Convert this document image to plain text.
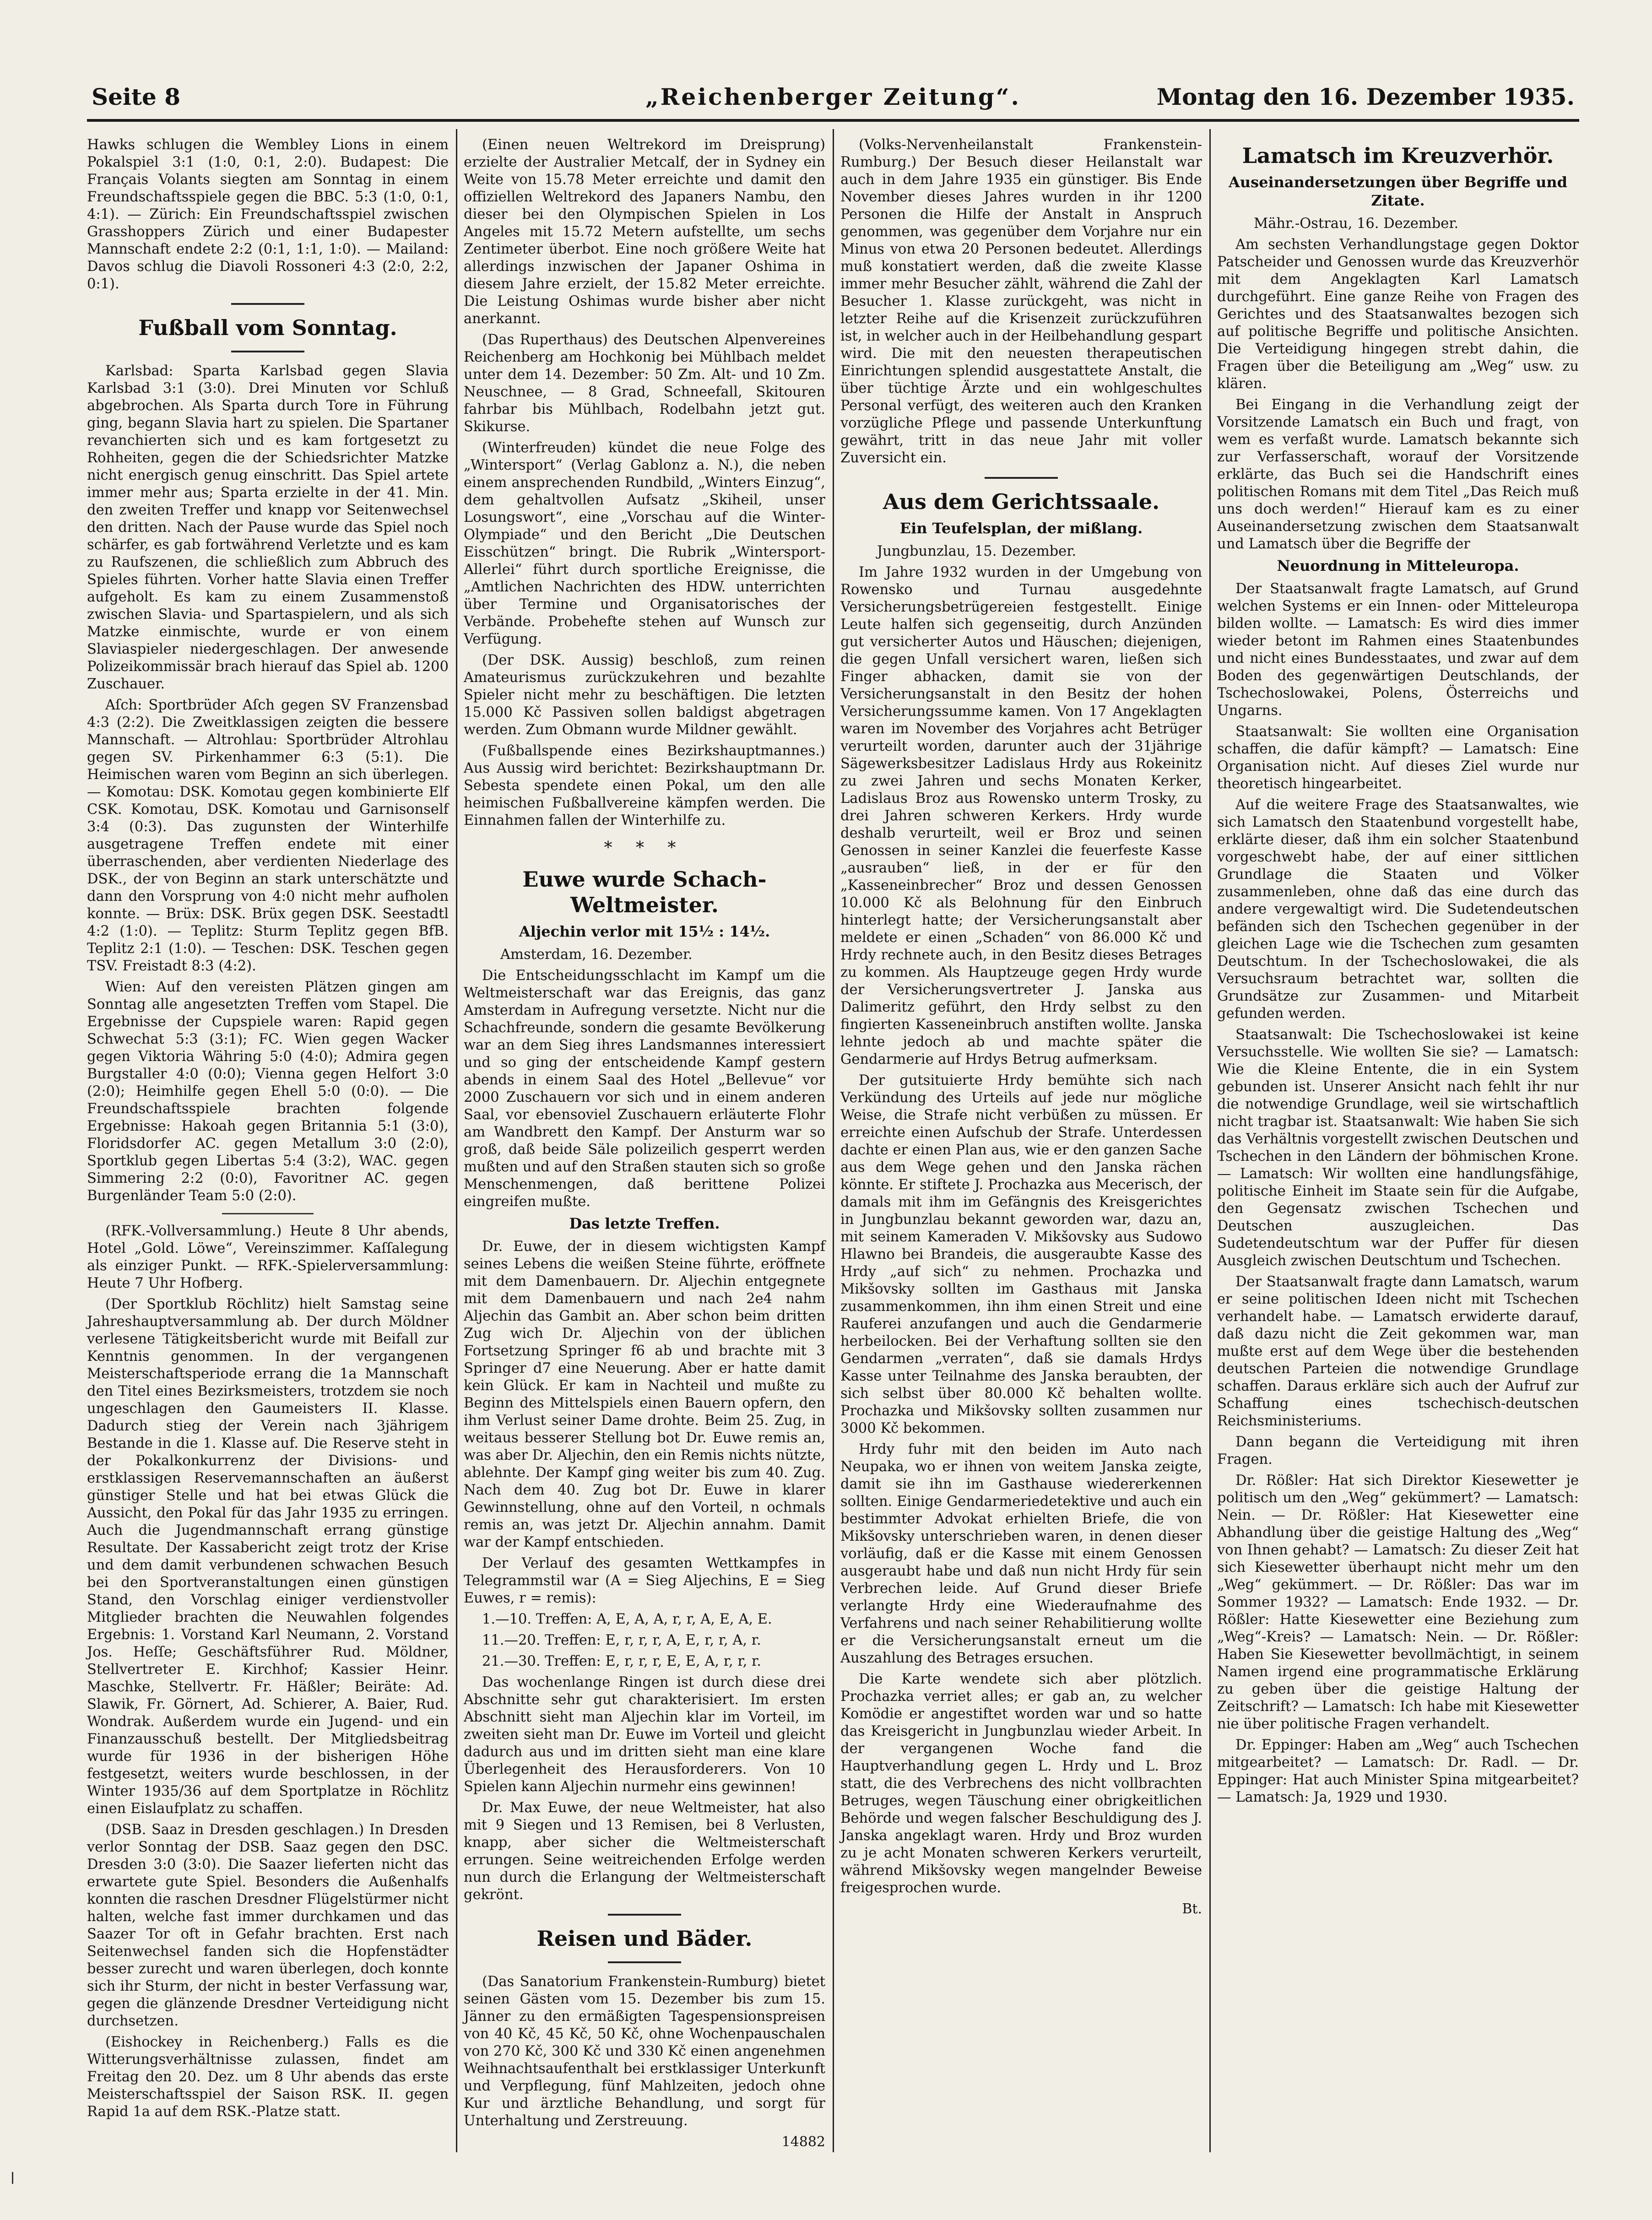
Seite 8	„Reichenberger Zeitung“.	Montag den 16. Dezember 1935.

Hawks schlugen die Wembley Lions in einem Pokalspiel 3:1 (1:0, 0:1, 2:0). Budapest: Die Français Volants siegten am Sonntag in einem Freundschaftsspiele gegen die BBC. 5:3 (1:0, 0:1, 4:1). — Zürich: Ein Freundschaftsspiel zwischen Grasshoppers Zürich und einer Budapester Mannschaft endete 2:2 (0:1, 1:1, 1:0). — Mailand: Davos schlug die Diavoli Rossoneri 4:3 (2:0, 2:2, 0:1).

Fußball vom Sonntag.

Karlsbad: Sparta Karlsbad gegen Slavia Karlsbad 3:1 (3:0). Drei Minuten vor Schluß abgebrochen. Als Sparta durch Tore in Führung ging, begann Slavia hart zu spielen. Die Spartaner revanchierten sich und es kam fortgesetzt zu Rohheiten, gegen die der Schiedsrichter Matzke nicht energisch genug einschritt. Das Spiel artete immer mehr aus; Sparta erzielte in der 41. Min. den zweiten Treffer und knapp vor Seitenwechsel den dritten. Nach der Pause wurde das Spiel noch schärfer, es gab fortwährend Verletzte und es kam zu Raufszenen, die schließlich zum Abbruch des Spieles führten. Vorher hatte Slavia einen Treffer aufgeholt. Es kam zu einem Zusammenstoß zwischen Slavia- und Spartaspielern, und als sich Matzke einmischte, wurde er von einem Slaviaspieler niedergeschlagen. Der anwesende Polizeikommissär brach hierauf das Spiel ab. 1200 Zuschauer.

Aſch: Sportbrüder Aſch gegen SV Franzensbad 4:3 (2:2). Die Zweitklassigen zeigten die bessere Mannschaft. — Altrohlau: Sportbrüder Altrohlau gegen SV. Pirkenhammer 6:3 (5:1). Die Heimischen waren vom Beginn an sich überlegen. — Komotau: DSK. Komotau gegen kombinierte Elf CSK. Komotau, DSK. Komotau und Garnisonself 3:4 (0:3). Das zugunsten der Winterhilfe ausgetragene Treffen endete mit einer überraschenden, aber verdienten Niederlage des DSK., der von Beginn an stark unterschätzte und dann den Vorsprung von 4:0 nicht mehr aufholen konnte. — Brüx: DSK. Brüx gegen DSK. Seestadtl 4:2 (1:0). — Teplitz: Sturm Teplitz gegen BfB. Teplitz 2:1 (1:0). — Teschen: DSK. Teschen gegen TSV. Freistadt 8:3 (4:2).

Wien: Auf den vereisten Plätzen gingen am Sonntag alle angesetzten Treffen vom Stapel. Die Ergebnisse der Cupspiele waren: Rapid gegen Schwechat 5:3 (3:1); FC. Wien gegen Wacker gegen Viktoria Währing 5:0 (4:0); Admira gegen Burgstaller 4:0 (0:0); Vienna gegen Helfort 3:0 (2:0); Heimhilfe gegen Ehell 5:0 (0:0). — Die Freundschaftsspiele brachten folgende Ergebnisse: Hakoah gegen Britannia 5:1 (3:0), Floridsdorfer AC. gegen Metallum 3:0 (2:0), Sportklub gegen Libertas 5:4 (3:2), WAC. gegen Simmering 2:2 (0:0), Favoritner AC. gegen Burgenländer Team 5:0 (2:0).

(RFK.-Vollversammlung.) Heute 8 Uhr abends, Hotel „Gold. Löwe“, Vereinszimmer. Kaſſalegung als einziger Punkt. — RFK.-Spielerversammlung: Heute 7 Uhr Hofberg.

(Der Sportklub Röchlitz) hielt Samstag seine Jahreshauptversammlung ab. Der durch Möldner verlesene Tätigkeitsbericht wurde mit Beifall zur Kenntnis genommen. In der vergangenen Meisterschaftsperiode errang die 1a Mannschaft den Titel eines Bezirksmeisters, trotzdem sie noch ungeschlagen den Gaumeisters II. Klasse. Dadurch stieg der Verein nach 3jährigem Bestande in die 1. Klasse auf. Die Reserve steht in der Pokalkonkurrenz der Divisions- und erstklassigen Reservemannschaften an äußerst günstiger Stelle und hat bei etwas Glück die Aussicht, den Pokal für das Jahr 1935 zu erringen. Auch die Jugendmannschaft errang günstige Resultate. Der Kassabericht zeigt trotz der Krise und dem damit verbundenen schwachen Besuch bei den Sportveranstaltungen einen günstigen Stand, den Vorschlag einiger verdienstvoller Mitglieder brachten die Neuwahlen folgendes Ergebnis: 1. Vorstand Karl Neumann, 2. Vorstand Jos. Heſſe; Geschäftsführer Rud. Möldner, Stellvertreter E. Kirchhof; Kassier Heinr. Maschke, Stellvertr. Fr. Häßler; Beiräte: Ad. Slawik, Fr. Görnert, Ad. Schierer, A. Baier, Rud. Wondrak. Außerdem wurde ein Jugend- und ein Finanzausschuß bestellt. Der Mitgliedsbeitrag wurde für 1936 in der bisherigen Höhe festgesetzt, weiters wurde beschlossen, in der Winter 1935/36 auf dem Sportplatze in Röchlitz einen Eislaufplatz zu schaffen.

(DSB. Saaz in Dresden geschlagen.) In Dresden verlor Sonntag der DSB. Saaz gegen den DSC. Dresden 3:0 (3:0). Die Saazer lieferten nicht das erwartete gute Spiel. Besonders die Außenhalfs konnten die raschen Dresdner Flügelstürmer nicht halten, welche fast immer durchkamen und das Saazer Tor oft in Gefahr brachten. Erst nach Seitenwechsel fanden sich die Hopfenstädter besser zurecht und waren überlegen, doch konnte sich ihr Sturm, der nicht in bester Verfassung war, gegen die glänzende Dresdner Verteidigung nicht durchsetzen.

(Eishockey in Reichenberg.) Falls es die Witterungsverhältnisse zulassen, findet am Freitag den 20. Dez. um 8 Uhr abends das erste Meisterschaftsspiel der Saison RSK. II. gegen Rapid 1a auf dem RSK.-Platze statt.

(Einen neuen Weltrekord im Dreisprung) erzielte der Australier Metcalf, der in Sydney ein Weite von 15.78 Meter erreichte und damit den offiziellen Weltrekord des Japaners Nambu, den dieser bei den Olympischen Spielen in Los Angeles mit 15.72 Metern aufstellte, um sechs Zentimeter überbot. Eine noch größere Weite hat allerdings inzwischen der Japaner Oshima in diesem Jahre erzielt, der 15.82 Meter erreichte. Die Leistung Oshimas wurde bisher aber nicht anerkannt.

(Das Ruperthaus) des Deutschen Alpenvereines Reichenberg am Hochkonig bei Mühlbach meldet unter dem 14. Dezember: 50 Zm. Alt- und 10 Zm. Neuschnee, — 8 Grad, Schneefall, Skitouren fahrbar bis Mühlbach, Rodelbahn jetzt gut. Skikurse.

(Winterfreuden) kündet die neue Folge des „Wintersport“ (Verlag Gablonz a. N.), die neben einem ansprechenden Rundbild, „Winters Einzug“, dem gehaltvollen Aufsatz „Skiheil, unser Losungswort“, eine „Vorschau auf die Winter-Olympiade“ und den Bericht „Die Deutschen Eisschützen“ bringt. Die Rubrik „Wintersport-Allerlei“ führt durch sportliche Ereignisse, die „Amtlichen Nachrichten des HDW. unterrichten über Termine und Organisatorisches der Verbände. Probehefte stehen auf Wunsch zur Verfügung.

(Der DSK. Aussig) beschloß, zum reinen Amateurismus zurückzukehren und bezahlte Spieler nicht mehr zu beschäftigen. Die letzten 15.000 Kč Passiven sollen baldigst abgetragen werden. Zum Obmann wurde Mildner gewählt.

(Fußballspende eines Bezirkshauptmannes.) Aus Aussig wird berichtet: Bezirkshauptmann Dr. Sebesta spendete einen Pokal, um den alle heimischen Fußballvereine kämpfen werden. Die Einnahmen fallen der Winterhilfe zu.

* * *
Euwe wurde Schach-Weltmeister.
Aljechin verlor mit 15½ : 14½.

Amsterdam, 16. Dezember.

Die Entscheidungsschlacht im Kampf um die Weltmeisterschaft war das Ereignis, das ganz Amsterdam in Aufregung versetzte. Nicht nur die Schachfreunde, sondern die gesamte Bevölkerung war an dem Sieg ihres Landsmannes interessiert und so ging der entscheidende Kampf gestern abends in einem Saal des Hotel „Bellevue“ vor 2000 Zuschauern vor sich und in einem anderen Saal, vor ebensoviel Zuschauern erläuterte Flohr am Wandbrett den Kampf. Der Ansturm war so groß, daß beide Säle polizeilich gesperrt werden mußten und auf den Straßen stauten sich so große Menschenmengen, daß berittene Polizei eingreifen mußte.

Das letzte Treffen.

Dr. Euwe, der in diesem wichtigsten Kampf seines Lebens die weißen Steine führte, eröffnete mit dem Damenbauern. Dr. Aljechin entgegnete mit dem Damenbauern und nach 2e4 nahm Aljechin das Gambit an. Aber schon beim dritten Zug wich Dr. Aljechin von der üblichen Fortsetzung Springer f6 ab und brachte mit 3 Springer d7 eine Neuerung. Aber er hatte damit kein Glück. Er kam in Nachteil und mußte zu Beginn des Mittelspiels einen Bauern opfern, den ihm Verlust seiner Dame drohte. Beim 25. Zug, in weitaus besserer Stellung bot Dr. Euwe remis an, was aber Dr. Aljechin, den ein Remis nichts nützte, ablehnte. Der Kampf ging weiter bis zum 40. Zug. Nach dem 40. Zug bot Dr. Euwe in klarer Gewinnstellung, ohne auf den Vorteil, n ochmals remis an, was jetzt Dr. Aljechin annahm. Damit war der Kampf entschieden.

Der Verlauf des gesamten Wettkampfes in Telegrammstil war (A = Sieg Aljechins, E = Sieg Euwes, r = remis):

1.—10. Treffen: A, E, A, A, r, r, A, E, A, E.

11.—20. Treffen: E, r, r, r, A, E, r, r, A, r.

21.—30. Treffen: E, r, r, r, E, E, A, r, r, r.

Das wochenlange Ringen ist durch diese drei Abschnitte sehr gut charakterisiert. Im ersten Abschnitt sieht man Aljechin klar im Vorteil, im zweiten sieht man Dr. Euwe im Vorteil und gleicht dadurch aus und im dritten sieht man eine klare Überlegenheit des Herausforderers. Von 10 Spielen kann Aljechin nurmehr eins gewinnen!

Dr. Max Euwe, der neue Weltmeister, hat also mit 9 Siegen und 13 Remisen, bei 8 Verlusten, knapp, aber sicher die Weltmeisterschaft errungen. Seine weitreichenden Erfolge werden nun durch die Erlangung der Weltmeisterschaft gekrönt.

Reisen und Bäder.

(Das Sanatorium Frankenstein-Rumburg) bietet seinen Gästen vom 15. Dezember bis zum 15. Jänner zu den ermäßigten Tagespensionspreisen von 40 Kč, 45 Kč, 50 Kč, ohne Wochenpauschalen von 270 Kč, 300 Kč und 330 Kč einen angenehmen Weihnachtsaufenthalt bei erstklassiger Unterkunft und Verpflegung, fünf Mahlzeiten, jedoch ohne Kur und ärztliche Behandlung, und sorgt für Unterhaltung und Zerstreuung.

14882

(Volks-Nervenheilanstalt Frankenstein-Rumburg.) Der Besuch dieser Heilanstalt war auch in dem Jahre 1935 ein günstiger. Bis Ende November dieses Jahres wurden in ihr 1200 Personen die Hilfe der Anstalt in Anspruch genommen, was gegenüber dem Vorjahre nur ein Minus von etwa 20 Personen bedeutet. Allerdings muß konstatiert werden, daß die zweite Klasse immer mehr Besucher zählt, während die Zahl der Besucher 1. Klasse zurückgeht, was nicht in letzter Reihe auf die Krisenzeit zurückzuführen ist, in welcher auch in der Heilbehandlung gespart wird. Die mit den neuesten therapeutischen Einrichtungen splendid ausgestattete Anstalt, die über tüchtige Ärzte und ein wohlgeschultes Personal verfügt, des weiteren auch den Kranken vorzügliche Pflege und passende Unterkunftung gewährt, tritt in das neue Jahr mit voller Zuversicht ein.

Aus dem Gerichtssaale.
Ein Teufelsplan, der mißlang.

Jungbunzlau, 15. Dezember.

Im Jahre 1932 wurden in der Umgebung von Rowensko und Turnau ausgedehnte Versicherungsbetrügereien festgestellt. Einige Leute halfen sich gegenseitig, durch Anzünden gut versicherter Autos und Häuschen; diejenigen, die gegen Unfall versichert waren, ließen sich Finger abhacken, damit sie von der Versicherungsanstalt in den Besitz der hohen Versicherungssumme kamen. Von 17 Angeklagten waren im November des Vorjahres acht Betrüger verurteilt worden, darunter auch der 31jährige Sägewerksbesitzer Ladislaus Hrdy aus Rokeinitz zu zwei Jahren und sechs Monaten Kerker, Ladislaus Broz aus Rowensko unterm Trosky, zu drei Jahren schweren Kerkers. Hrdy wurde deshalb verurteilt, weil er Broz und seinen Genossen in seiner Kanzlei die feuerfeste Kasse „ausrauben“ ließ, in der er für den „Kasseneinbrecher“ Broz und dessen Genossen 10.000 Kč als Belohnung für den Einbruch hinterlegt hatte; der Versicherungsanstalt aber meldete er einen „Schaden“ von 86.000 Kč und Hrdy rechnete auch, in den Besitz dieses Betrages zu kommen. Als Hauptzeuge gegen Hrdy wurde der Versicherungsvertreter J. Janska aus Dalimeritz geführt, den Hrdy selbst zu den fingierten Kasseneinbruch anstiften wollte. Janska lehnte jedoch ab und machte später die Gendarmerie auf Hrdys Betrug aufmerksam.

Der gutsituierte Hrdy bemühte sich nach Verkündung des Urteils auf jede nur mögliche Weise, die Strafe nicht verbüßen zu müssen. Er erreichte einen Aufschub der Strafe. Unterdessen dachte er einen Plan aus, wie er den ganzen Sache aus dem Wege gehen und den Janska rächen könnte. Er stiftete J. Prochazka aus Mecerisch, der damals mit ihm im Gefängnis des Kreisgerichtes in Jungbunzlau bekannt geworden war, dazu an, mit seinem Kameraden V. Mikšovsky aus Sudowo Hlawno bei Brandeis, die ausgeraubte Kasse des Hrdy „auf sich“ zu nehmen. Prochazka und Mikšovsky sollten im Gasthaus mit Janska zusammenkommen, ihn ihm einen Streit und eine Rauferei anzufangen und auch die Gendarmerie herbeilocken. Bei der Verhaftung sollten sie den Gendarmen „verraten“, daß sie damals Hrdys Kasse unter Teilnahme des Janska beraubten, der sich selbst über 80.000 Kč behalten wollte. Prochazka und Mikšovsky sollten zusammen nur 3000 Kč bekommen.

Hrdy fuhr mit den beiden im Auto nach Neupaka, wo er ihnen von weitem Janska zeigte, damit sie ihn im Gasthause wiedererkennen sollten. Einige Gendarmeriedetektive und auch ein bestimmter Advokat erhielten Briefe, die von Mikšovsky unterschrieben waren, in denen dieser vorläufig, daß er die Kasse mit einem Genossen ausgeraubt habe und daß nun nicht Hrdy für sein Verbrechen leide. Auf Grund dieser Briefe verlangte Hrdy eine Wiederaufnahme des Verfahrens und nach seiner Rehabilitierung wollte er die Versicherungsanstalt erneut um die Auszahlung des Betrages ersuchen.

Die Karte wendete sich aber plötzlich. Prochazka verriet alles; er gab an, zu welcher Komödie er angestiftet worden war und so hatte das Kreisgericht in Jungbunzlau wieder Arbeit. In der vergangenen Woche fand die Hauptverhandlung gegen L. Hrdy und L. Broz statt, die des Verbrechens des nicht vollbrachten Betruges, wegen Täuschung einer obrigkeitlichen Behörde und wegen falscher Beschuldigung des J. Janska angeklagt waren. Hrdy und Broz wurden zu je acht Monaten schweren Kerkers verurteilt, während Mikšovsky wegen mangelnder Beweise freigesprochen wurde.

Bt.

Lamatsch im Kreuzverhör.
Auseinandersetzungen über Begriffe und Zitate.

Mähr.-Ostrau, 16. Dezember.

Am sechsten Verhandlungstage gegen Doktor Patscheider und Genossen wurde das Kreuzverhör mit dem Angeklagten Karl Lamatsch durchgeführt. Eine ganze Reihe von Fragen des Gerichtes und des Staatsanwaltes bezogen sich auf politische Begriffe und politische Ansichten. Die Verteidigung hingegen strebt dahin, die Fragen über die Beteiligung am „Weg“ usw. zu klären.

Bei Eingang in die Verhandlung zeigt der Vorsitzende Lamatsch ein Buch und fragt, von wem es verfaßt wurde. Lamatsch bekannte sich zur Verfasserschaft, worauf der Vorsitzende erklärte, das Buch sei die Handschrift eines politischen Romans mit dem Titel „Das Reich muß uns doch werden!“ Hierauf kam es zu einer Auseinandersetzung zwischen dem Staatsanwalt und Lamatsch über die Begriffe der

Neuordnung in Mitteleuropa.

Der Staatsanwalt fragte Lamatsch, auf Grund welchen Systems er ein Innen- oder Mitteleuropa bilden wollte. — Lamatsch: Es wird dies immer wieder betont im Rahmen eines Staatenbundes und nicht eines Bundesstaates, und zwar auf dem Boden des gegenwärtigen Deutschlands, der Tschechoslowakei, Polens, Österreichs und Ungarns.

Staatsanwalt: Sie wollten eine Organisation schaffen, die dafür kämpft? — Lamatsch: Eine Organisation nicht. Auf dieses Ziel wurde nur theoretisch hingearbeitet.

Auf die weitere Frage des Staatsanwaltes, wie sich Lamatsch den Staatenbund vorgestellt habe, erklärte dieser, daß ihm ein solcher Staatenbund vorgeschwebt habe, der auf einer sittlichen Grundlage die Staaten und Völker zusammenleben, ohne daß das eine durch das andere vergewaltigt wird. Die Sudetendeutschen befänden sich den Tschechen gegenüber in der gleichen Lage wie die Tschechen zum gesamten Deutschtum. In der Tschechoslowakei, die als Versuchsraum betrachtet war, sollten die Grundsätze zur Zusammen- und Mitarbeit gefunden werden.

Staatsanwalt: Die Tschechoslowakei ist keine Versuchsstelle. Wie wollten Sie sie? — Lamatsch: Wie die Kleine Entente, die in ein System gebunden ist. Unserer Ansicht nach fehlt ihr nur die notwendige Grundlage, weil sie wirtschaftlich nicht tragbar ist. Staatsanwalt: Wie haben Sie sich das Verhältnis vorgestellt zwischen Deutschen und Tschechen in den Ländern der böhmischen Krone. — Lamatsch: Wir wollten eine handlungsfähige, politische Einheit im Staate sein für die Aufgabe, den Gegensatz zwischen Tschechen und Deutschen auszugleichen. Das Sudetendeutschtum war der Puffer für diesen Ausgleich zwischen Deutschtum und Tschechen.

Der Staatsanwalt fragte dann Lamatsch, warum er seine politischen Ideen nicht mit Tschechen verhandelt habe. — Lamatsch erwiderte darauf, daß dazu nicht die Zeit gekommen war, man mußte erst auf dem Wege über die bestehenden deutschen Parteien die notwendige Grundlage schaffen. Daraus erkläre sich auch der Aufruf zur Schaffung eines tschechisch-deutschen Reichsministeriums.

Dann begann die Verteidigung mit ihren Fragen.

Dr. Rößler: Hat sich Direktor Kiesewetter je politisch um den „Weg“ gekümmert? — Lamatsch: Nein. — Dr. Rößler: Hat Kiesewetter eine Abhandlung über die geistige Haltung des „Weg“ von Ihnen gehabt? — Lamatsch: Zu dieser Zeit hat sich Kiesewetter überhaupt nicht mehr um den „Weg“ gekümmert. — Dr. Rößler: Das war im Sommer 1932? — Lamatsch: Ende 1932. — Dr. Rößler: Hatte Kiesewetter eine Beziehung zum „Weg“-Kreis? — Lamatsch: Nein. — Dr. Rößler: Haben Sie Kiesewetter bevollmächtigt, in seinem Namen irgend eine programmatische Erklärung zu geben über die geistige Haltung der Zeitschrift? — Lamatsch: Ich habe mit Kiesewetter nie über politische Fragen verhandelt.

Dr. Eppinger: Haben am „Weg“ auch Tschechen mitgearbeitet? — Lamatsch: Dr. Radl. — Dr. Eppinger: Hat auch Minister Spina mitgearbeitet? — Lamatsch: Ja, 1929 und 1930.
